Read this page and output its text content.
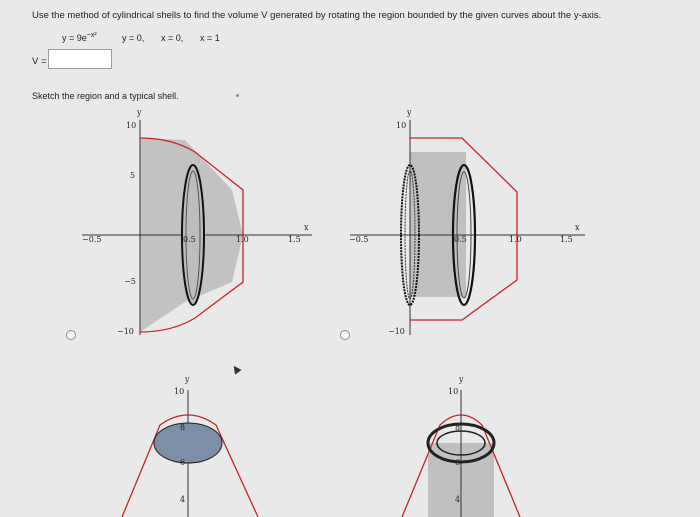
Use the method of cylindrical shells to find the volume V generated by rotating the region bounded by the given curves about the y-axis.
$y = 9e^{-x^2}$	y = 0, x = 0, x = 1
V =
Sketch the region and a typical shell.
−0.5	0.5	1.0	1.5
x
y
10
5
−5
−10
−0.5	0.5	1.0	1.5
x
y
10
−10
y
10
8
6
4
y
10
8
6
4
